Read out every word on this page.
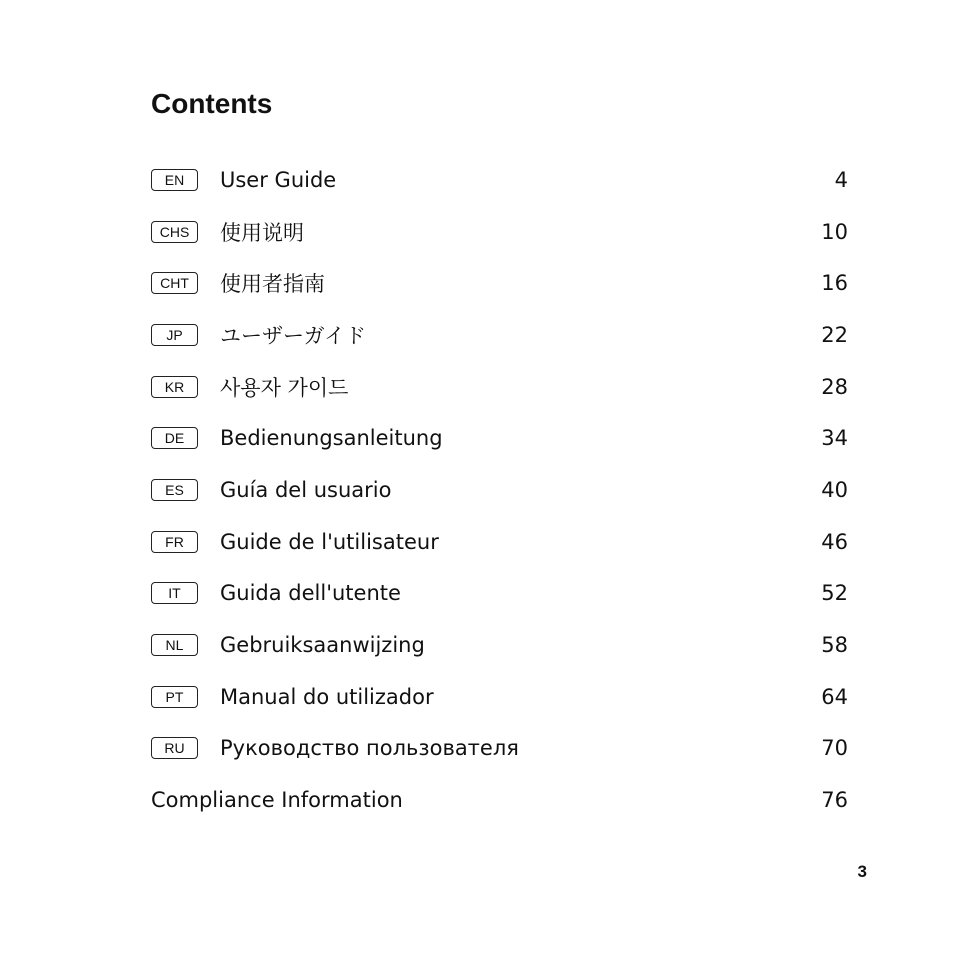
Contents
EN	User Guide	4
CHS	使用说明	10
CHT	使用者指南	16
JP	ユーザーガイド	22
KR	사용자 가이드	28
DE	Bedienungsanleitung	34
ES	Guía del usuario	40
FR	Guide de l'utilisateur	46
IT	Guida dell'utente	52
NL	Gebruiksaanwijzing	58
PT	Manual do utilizador	64
RU	Руководство пользователя	70
Compliance Information	76
3
